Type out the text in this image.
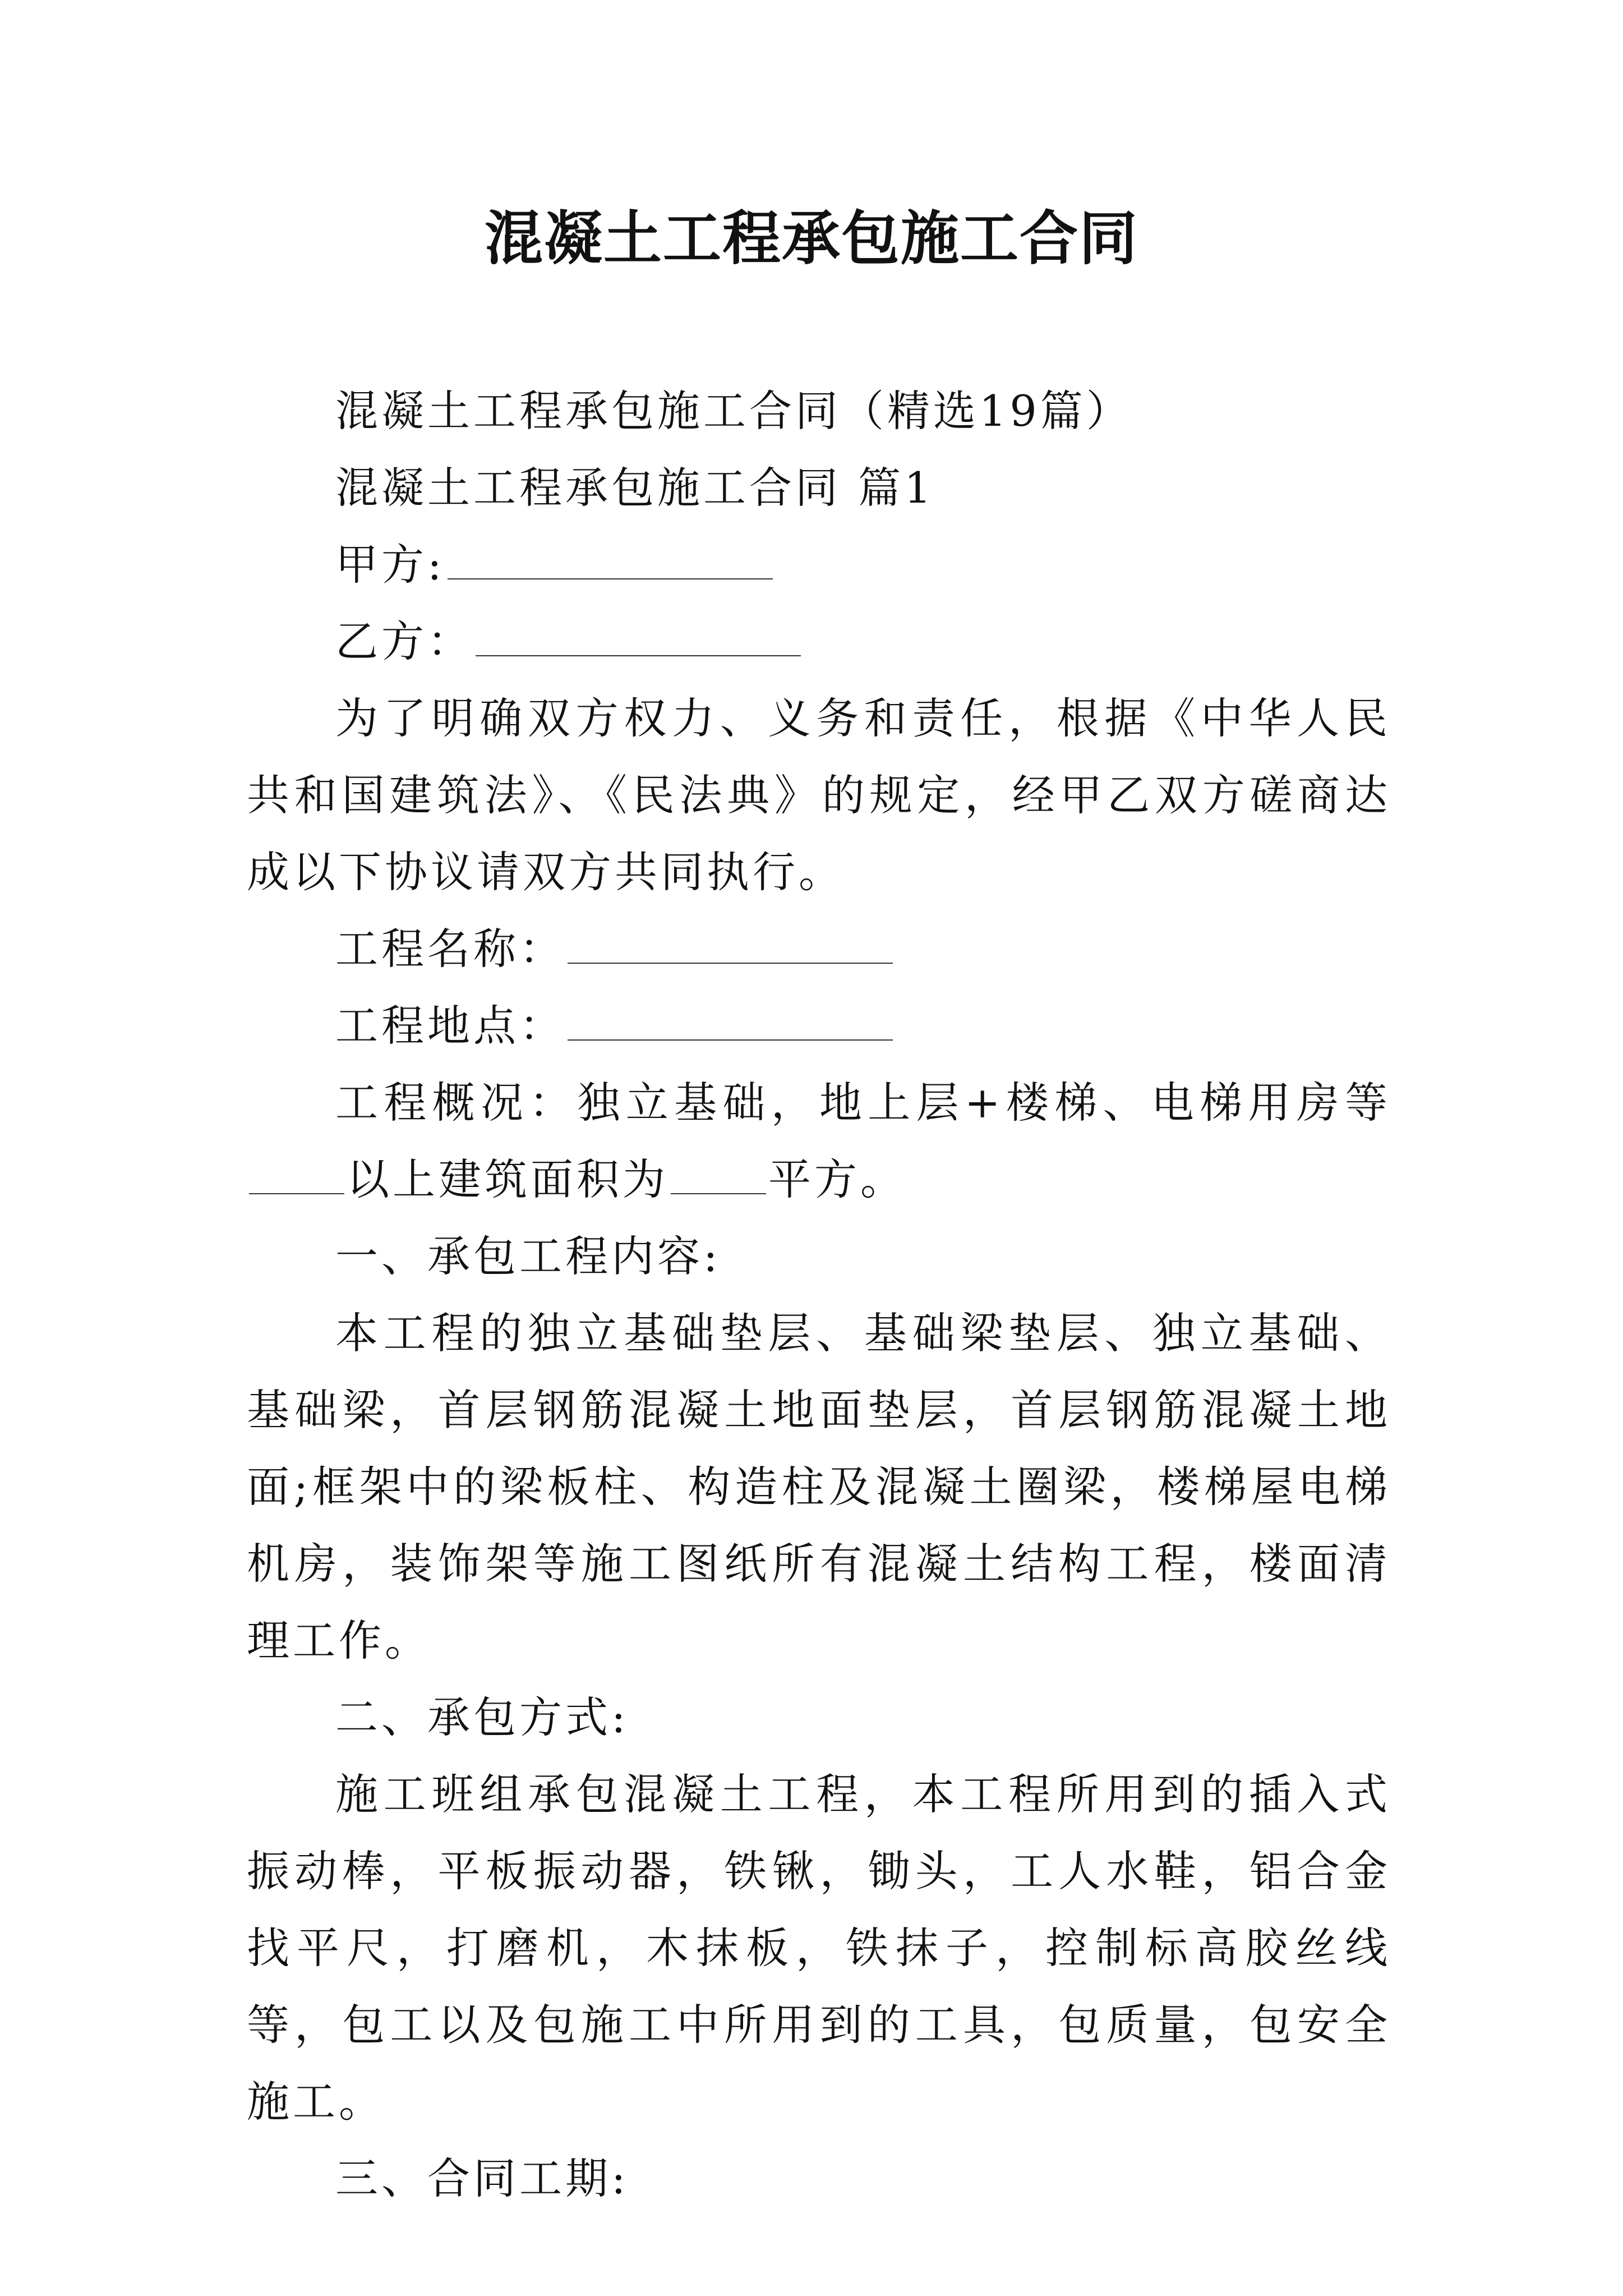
混凝土工程承包施工合同

混凝土工程承包施工合同（精选19篇）

混凝土工程承包施工合同 篇1

甲方:

乙方：

为了明确双方权力、义务和责任，根据《中华人民共和国建筑法》、《民法典》的规定，经甲乙双方磋商达成以下协议请双方共同执行。

工程名称：

工程地点：

工程概况：独立基础，地上层+楼梯、电梯用房等以上建筑面积为 平方。

一、承包工程内容:

本工程的独立基础垫层、基础梁垫层、独立基础、基础梁，首层钢筋混凝土地面垫层，首层钢筋混凝土地面;框架中的梁板柱、构造柱及混凝土圈梁，楼梯屋电梯机房，装饰架等施工图纸所有混凝土结构工程，楼面清理工作。

二、承包方式:

施工班组承包混凝土工程，本工程所用到的插入式振动棒，平板振动器，铁锹，锄头，工人水鞋，铝合金找平尺，打磨机，木抹板，铁抹子，控制标高胶丝线等，包工以及包施工中所用到的工具，包质量，包安全施工。

三、合同工期:
